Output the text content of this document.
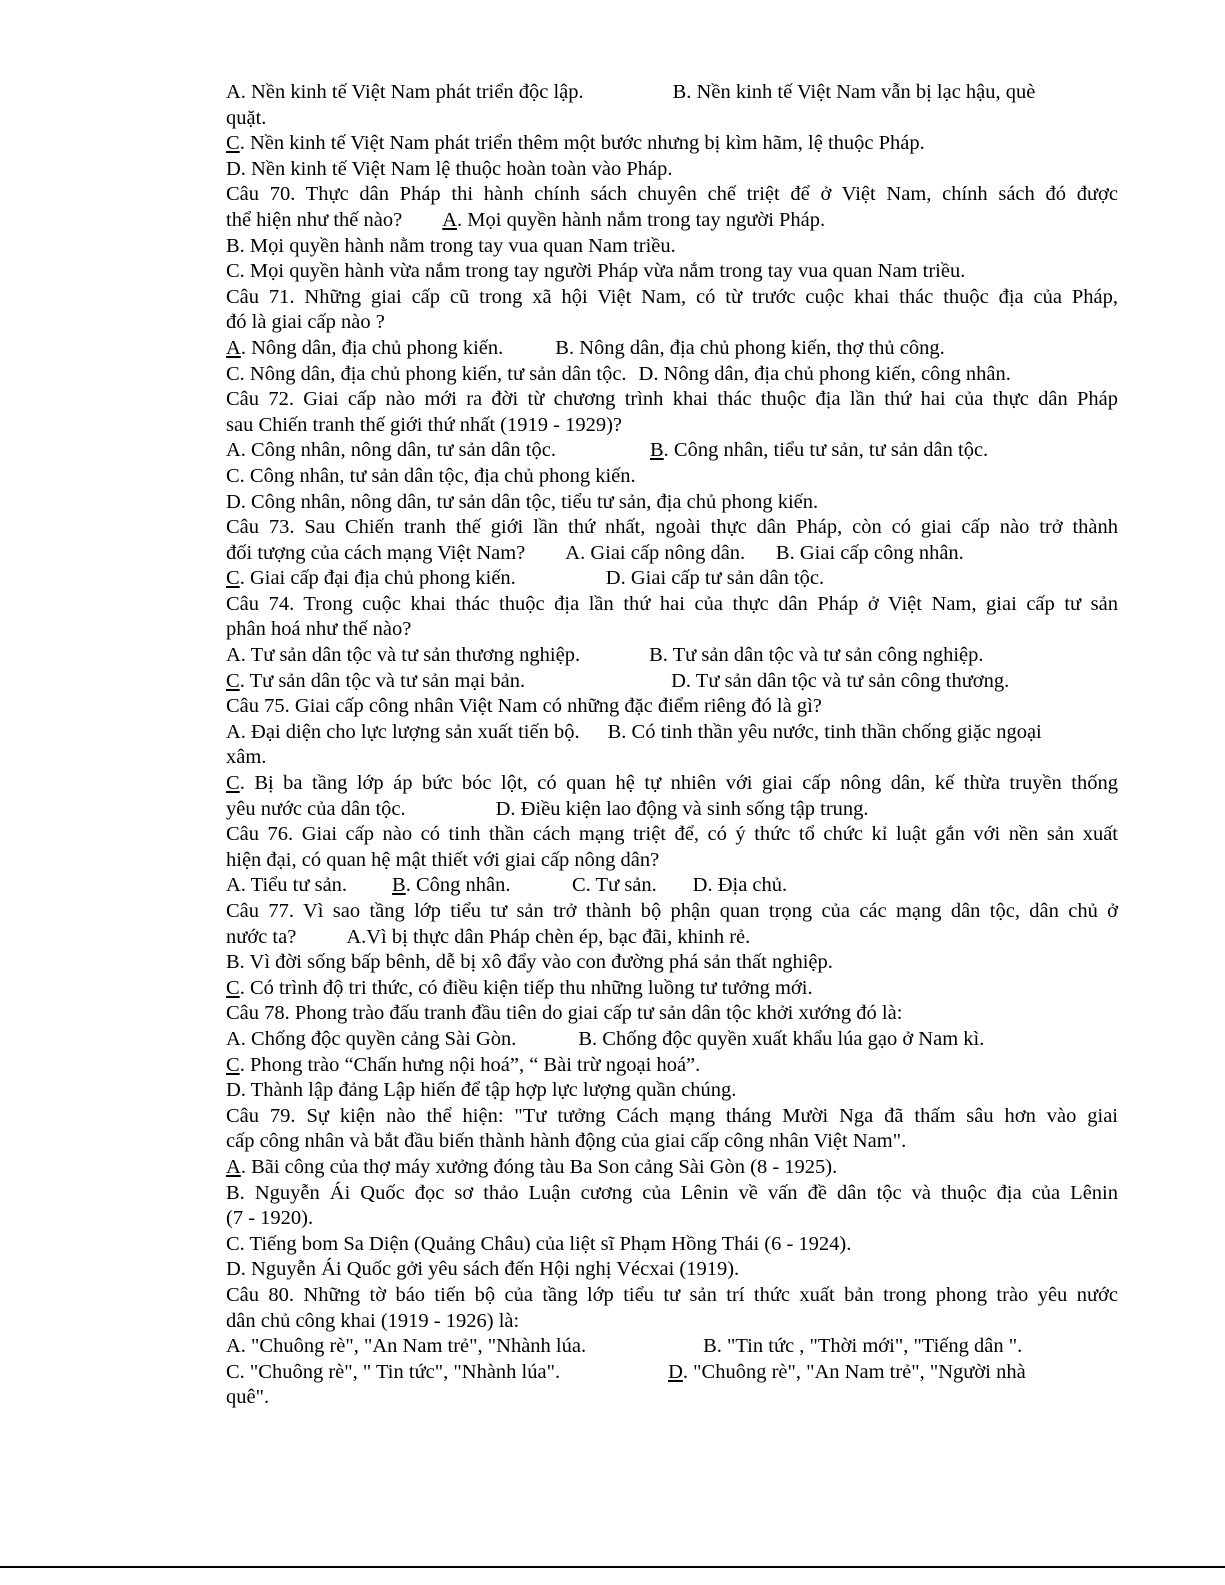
A. Nền kinh tế Việt Nam phát triển độc lập.	B. Nền kinh tế Việt Nam vẫn bị lạc hậu, què
quặt.
C. Nền kinh tế Việt Nam phát triển thêm một bước nhưng bị kìm hãm, lệ thuộc Pháp.
D. Nền kinh tế Việt Nam lệ thuộc hoàn toàn vào Pháp.
Câu 70. Thực dân Pháp thi hành chính sách chuyên chế triệt để ở Việt Nam, chính sách đó được
thể hiện như thế nào? A. Mọi quyền hành nắm trong tay người Pháp.
B. Mọi quyền hành nằm trong tay vua quan Nam triều.
C. Mọi quyền hành vừa nắm trong tay người Pháp vừa nắm trong tay vua quan Nam triều.
Câu 71. Những giai cấp cũ trong xã hội Việt Nam, có từ trước cuộc khai thác thuộc địa của Pháp,
đó là giai cấp nào ?
A. Nông dân, địa chủ phong kiến.	B. Nông dân, địa chủ phong kiến, thợ thủ công.
C. Nông dân, địa chủ phong kiến, tư sản dân tộc. D. Nông dân, địa chủ phong kiến, công nhân.
Câu 72. Giai cấp nào mới ra đời từ chương trình khai thác thuộc địa lần thứ hai của thực dân Pháp
sau Chiến tranh thế giới thứ nhất (1919 - 1929)?
A. Công nhân, nông dân, tư sản dân tộc.	B. Công nhân, tiểu tư sản, tư sản dân tộc.
C. Công nhân, tư sản dân tộc, địa chủ phong kiến.
D. Công nhân, nông dân, tư sản dân tộc, tiểu tư sản, địa chủ phong kiến.
Câu 73. Sau Chiến tranh thế giới lần thứ nhất, ngoài thực dân Pháp, còn có giai cấp nào trở thành
đối tượng của cách mạng Việt Nam? A. Giai cấp nông dân.      B. Giai cấp công nhân.
C. Giai cấp đại địa chủ phong kiến.	D. Giai cấp tư sản dân tộc.
Câu 74. Trong cuộc khai thác thuộc địa lần thứ hai của thực dân Pháp ở Việt Nam, giai cấp tư sản
phân hoá như thế nào?
A. Tư sản dân tộc và tư sản thương nghiệp.	B. Tư sản dân tộc và tư sản công nghiệp.
C. Tư sản dân tộc và tư sản mại bản.	D. Tư sản dân tộc và tư sản công thương.
Câu 75. Giai cấp công nhân Việt Nam có những đặc điểm riêng đó là gì?
A. Đại diện cho lực lượng sản xuất tiến bộ. B. Có tinh thần yêu nước, tinh thần chống giặc ngoại
xâm.
C. Bị ba tầng lớp áp bức bóc lột, có quan hệ tự nhiên với giai cấp nông dân, kế thừa truyền thống
yêu nước của dân tộc.	D. Điều kiện lao động và sinh sống tập trung.
Câu 76. Giai cấp nào có tinh thần cách mạng triệt để, có ý thức tổ chức kỉ luật gắn với nền sản xuất
hiện đại, có quan hệ mật thiết với giai cấp nông dân?
A. Tiểu tư sản. B. Công nhân.            C. Tư sản.       D. Địa chủ.
Câu 77. Vì sao tầng lớp tiểu tư sản trở thành bộ phận quan trọng của các mạng dân tộc, dân chủ ở
nước ta? A.Vì bị thực dân Pháp chèn ép, bạc đãi, khinh rẻ.
B. Vì đời sống bấp bênh, dễ bị xô đẩy vào con đường phá sản thất nghiệp.
C. Có trình độ tri thức, có điều kiện tiếp thu những luồng tư tưởng mới.
Câu 78. Phong trào đấu tranh đầu tiên do giai cấp tư sản dân tộc khởi xướng đó là:
A. Chống độc quyền cảng Sài Gòn.	B. Chống độc quyền xuất khẩu lúa gạo ở Nam kì.
C. Phong trào “Chấn hưng nội hoá”, “ Bài trừ ngoại hoá”.
D. Thành lập đảng Lập hiến để tập hợp lực lượng quần chúng.
Câu 79. Sự kiện nào thể hiện: "Tư tưởng Cách mạng tháng Mười Nga đã thấm sâu hơn vào giai
cấp công nhân và bắt đầu biến thành hành động của giai cấp công nhân Việt Nam".
A. Bãi công của thợ máy xưởng đóng tàu Ba Son cảng Sài Gòn (8 - 1925).
B. Nguyễn Ái Quốc đọc sơ thảo Luận cương của Lênin về vấn đề dân tộc và thuộc địa của Lênin
(7 - 1920).
C. Tiếng bom Sa Diện (Quảng Châu) của liệt sĩ Phạm Hồng Thái (6 - 1924).
D. Nguyễn Ái Quốc gởi yêu sách đến Hội nghị Vécxai (1919).
Câu 80. Những tờ báo tiến bộ của tầng lớp tiểu tư sản trí thức xuất bản trong phong trào yêu nước
dân chủ công khai (1919 - 1926) là:
A. "Chuông rè", "An Nam trẻ", "Nhành lúa.	B. "Tin tức , "Thời mới", "Tiếng dân ".
C. "Chuông rè", " Tin tức", "Nhành lúa".	D. "Chuông rè", "An Nam trẻ", "Người nhà
quê".
